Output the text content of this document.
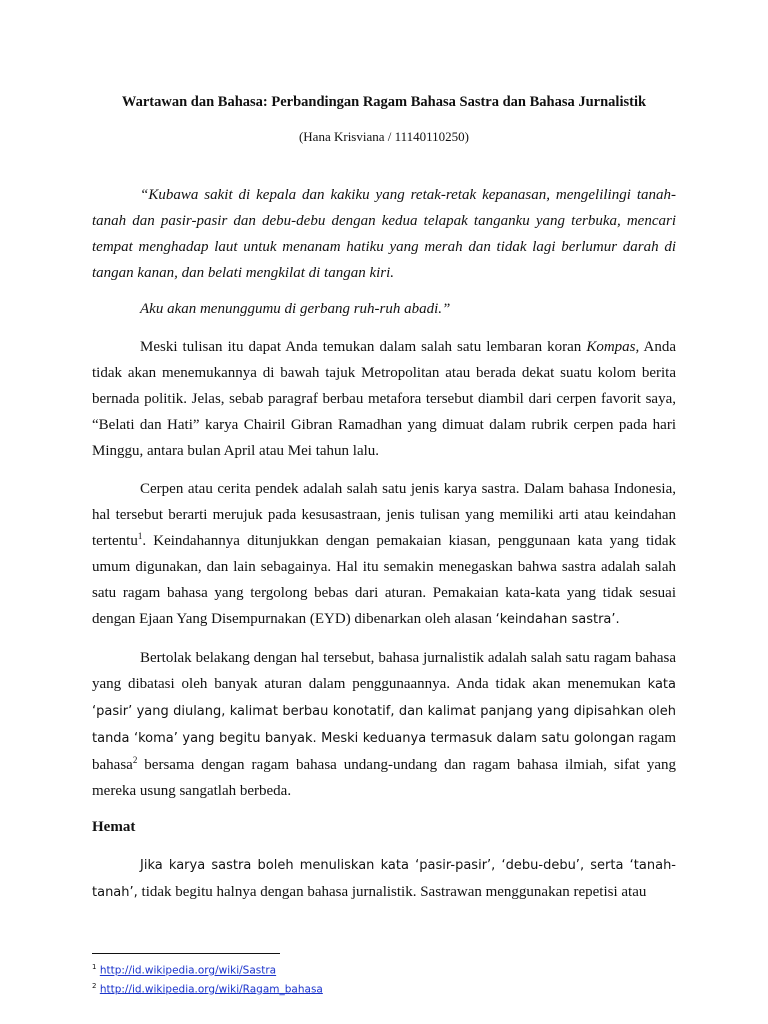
Wartawan dan Bahasa: Perbandingan Ragam Bahasa Sastra dan Bahasa Jurnalistik
(Hana Krisviana / 11140110250)

“Kubawa sakit di kepala dan kakiku yang retak-retak kepanasan, mengelilingi tanah-tanah dan pasir-pasir dan debu-debu dengan kedua telapak tanganku yang terbuka, mencari tempat menghadap laut untuk menanam hatiku yang merah dan tidak lagi berlumur darah di tangan kanan, dan belati mengkilat di tangan kiri.

Aku akan menunggumu di gerbang ruh-ruh abadi.”

Meski tulisan itu dapat Anda temukan dalam salah satu lembaran koran Kompas, Anda tidak akan menemukannya di bawah tajuk Metropolitan atau berada dekat suatu kolom berita bernada politik. Jelas, sebab paragraf berbau metafora tersebut diambil dari cerpen favorit saya, “Belati dan Hati” karya Chairil Gibran Ramadhan yang dimuat dalam rubrik cerpen pada hari Minggu, antara bulan April atau Mei tahun lalu.

Cerpen atau cerita pendek adalah salah satu jenis karya sastra. Dalam bahasa Indonesia, hal tersebut berarti merujuk pada kesusastraan, jenis tulisan yang memiliki arti atau keindahan tertentu$^1$. Keindahannya ditunjukkan dengan pemakaian kiasan, penggunaan kata yang tidak umum digunakan, dan lain sebagainya. Hal itu semakin menegaskan bahwa sastra adalah salah satu ragam bahasa yang tergolong bebas dari aturan. Pemakaian kata-kata yang tidak sesuai dengan Ejaan Yang Disempurnakan (EYD) dibenarkan oleh alasan ‘keindahan sastra’.

Bertolak belakang dengan hal tersebut, bahasa jurnalistik adalah salah satu ragam bahasa yang dibatasi oleh banyak aturan dalam penggunaannya. Anda tidak akan menemukan kata ‘pasir’ yang diulang, kalimat berbau konotatif, dan kalimat panjang yang dipisahkan oleh tanda ‘koma’ yang begitu banyak. Meski keduanya termasuk dalam satu golongan ragam bahasa$^2$ bersama dengan ragam bahasa undang-undang dan ragam bahasa ilmiah, sifat yang mereka usung sangatlah berbeda.

Hemat

Jika karya sastra boleh menuliskan kata ‘pasir-pasir’, ‘debu-debu’, serta ‘tanah-tanah’, tidak begitu halnya dengan bahasa jurnalistik. Sastrawan menggunakan repetisi atau

$^1$ http://id.wikipedia.org/wiki/Sastra
$^2$ http://id.wikipedia.org/wiki/Ragam_bahasa
